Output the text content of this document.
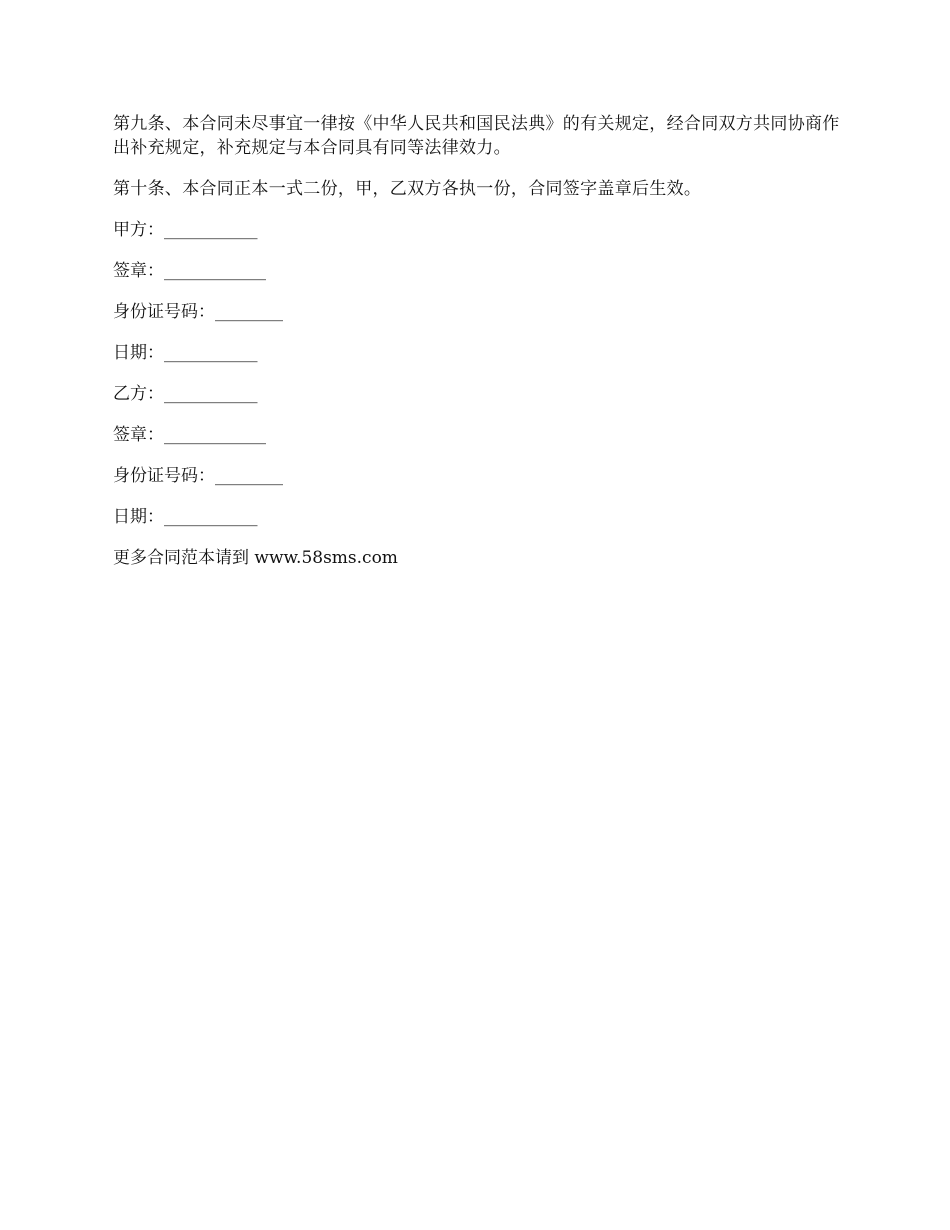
第九条、本合同未尽事宜一律按《中华人民共和国民法典》的有关规定，经合同双方共同协商作出补充规定，补充规定与本合同具有同等法律效力。

第十条、本合同正本一式二份，甲，乙双方各执一份，合同签字盖章后生效。

甲方：___________

签章：____________

身份证号码：________

日期：___________

乙方：___________

签章：____________

身份证号码：________

日期：___________

更多合同范本请到 www.58sms.com
